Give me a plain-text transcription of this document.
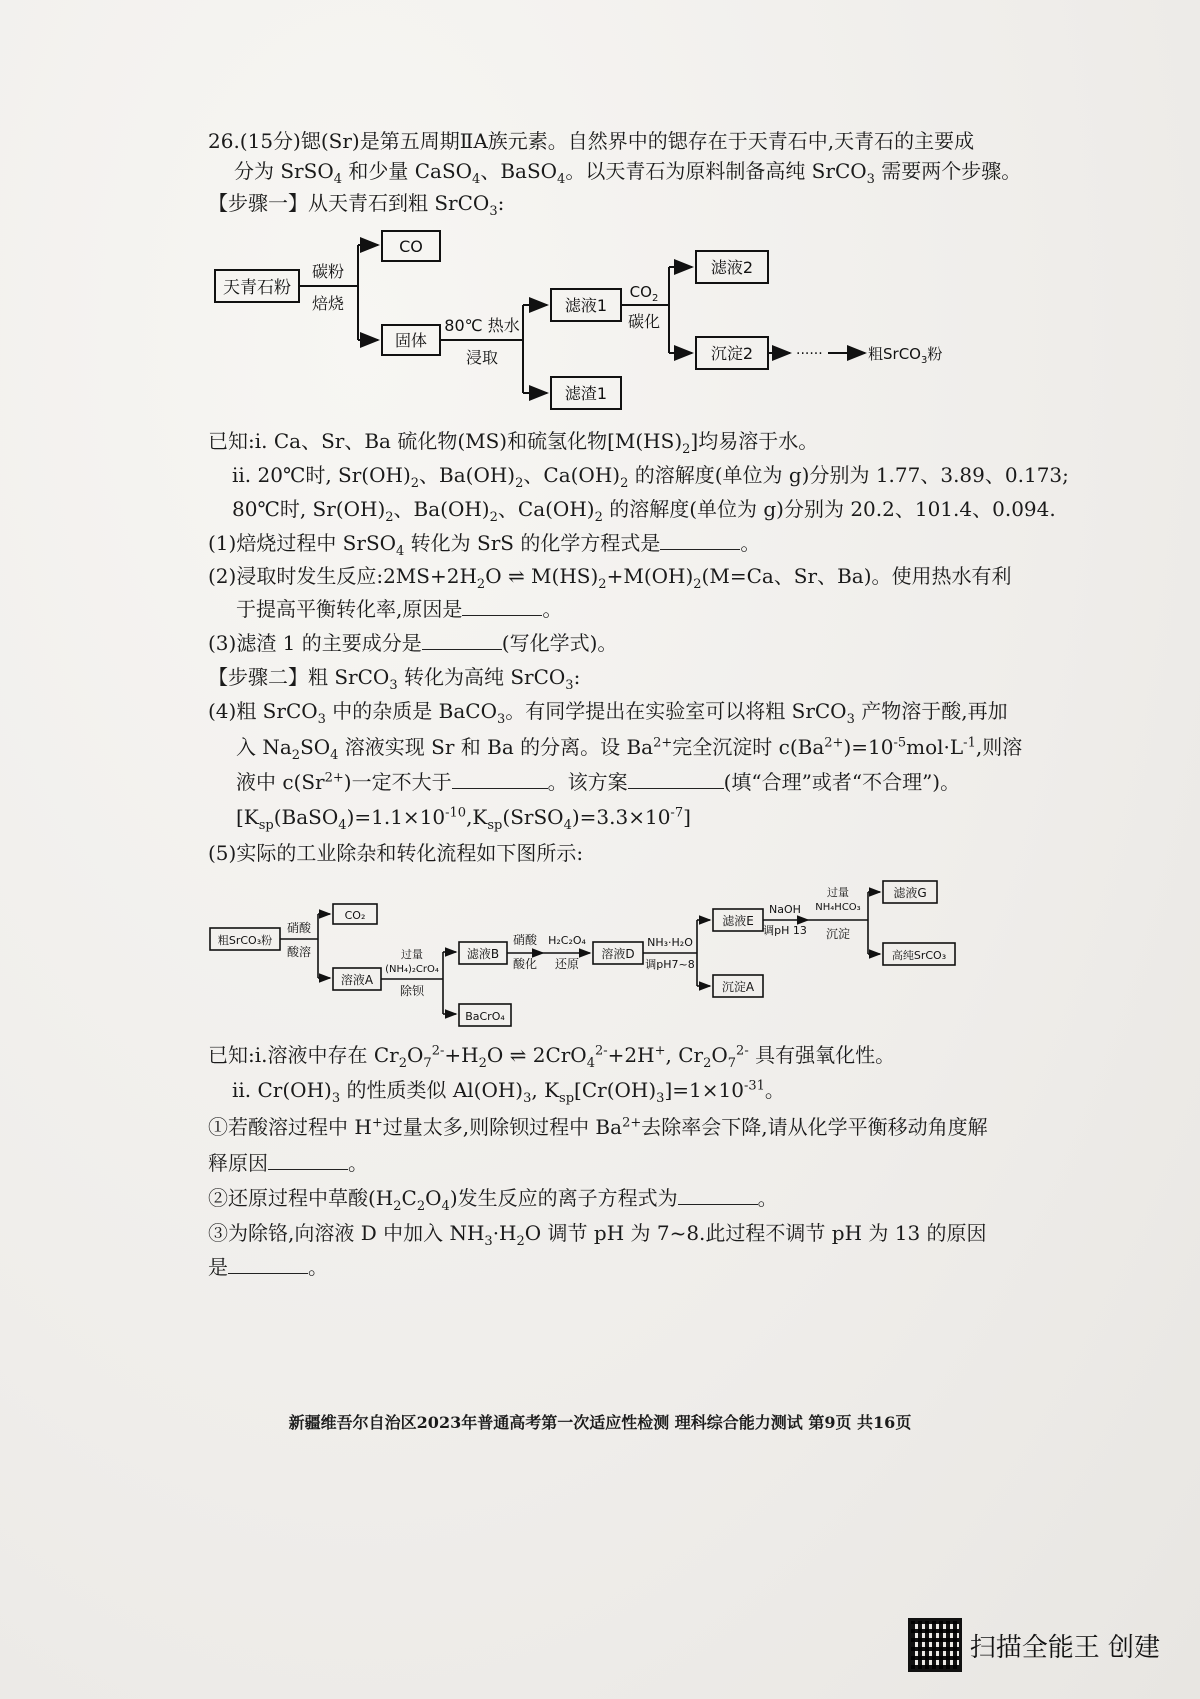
26.(15分)锶(Sr)是第五周期ⅡA族元素。自然界中的锶存在于天青石中,天青石的主要成
分为 SrSO$_4$ 和少量 CaSO$_4$、BaSO$_4$。以天青石为原料制备高纯 SrCO$_3$ 需要两个步骤。
【步骤一】从天青石到粗 SrCO$_3$:
天青石粉
碳粉
焙烧
CO
固体
80℃ 热水
浸取
滤液1
滤渣1
$CO_2$
碳化
滤液2
沉淀2	······	粗SrCO$_3$粉
已知:ⅰ. Ca、Sr、Ba 硫化物(MS)和硫氢化物$[M(HS)_2]$均易溶于水。
ⅱ. 20℃时, $Sr(OH)_2$、$Ba(OH)_2$、$Ca(OH)_2$ 的溶解度(单位为 g)分别为 1.77、3.89、0.173;
80℃时, $Sr(OH)_2$、$Ba(OH)_2$、$Ca(OH)_2$ 的溶解度(单位为 g)分别为 20.2、101.4、0.094.
(1)焙烧过程中 SrSO$_4$ 转化为 SrS 的化学方程式是	。
(2)浸取时发生反应$:2MS+2H_2O$ ⇌ $M(HS)_2+M(OH)_2(M=Ca$、Sr、Ba)。使用热水有利
于提高平衡转化率,原因是	。
(3)滤渣 1 的主要成分是	(写化学式)。
【步骤二】粗 SrCO$_3$ 转化为高纯 SrCO$_3$:
(4)粗 SrCO$_3$ 中的杂质是 BaCO$_3$。有同学提出在实验室可以将粗 SrCO$_3$ 产物溶于酸,再加
入 $Na_2SO_4$ 溶液实现 Sr 和 Ba 的分离。设 $Ba^{2+}$完全沉淀时 $c(Ba^{2+})=10^{-5}mol\cdot L^{-1}$,则溶
液中 $c(Sr^{2+})$一定不大于	。该方案	(填“合理”或者“不合理”)。
$[K_{sp}(BaSO_4)=1.1\times 10^{-10},K_{sp}(SrSO_4)=3.3\times 10^{-7}]$
(5)实际的工业除杂和转化流程如下图所示:
粗SrCO₃粉
硝酸
酸溶
CO₂
溶液A
过量
(NH₄)₂CrO₄
除钡
滤液B
BaCrO₄
硝酸
酸化
H₂C₂O₄
还原
溶液D
NH₃·H₂O
调pH7~8
滤液E
沉淀A
NaOH
调pH 13
过量
NH₄HCO₃
沉淀
滤液G
高纯SrCO₃
已知:ⅰ.溶液中存在 $Cr_2O_7^{2-}+H_2O$ ⇌ 2CrO$_4^{2-}$+2H+, $Cr_2O_7^{2-}$ 具有强氧化性。
ⅱ. $Cr(OH)_3$ 的性质类似 $Al(OH)_3$, $K_{sp}[Cr(OH)_3]=1\times 10^{-31}$。
①若酸溶过程中 H+过量太多,则除钡过程中 $Ba^{2+}$去除率会下降,请从化学平衡移动角度解
释原因	。
②还原过程中草酸$(H_2C_2O_4)$发生反应的离子方程式为	。
③为除铬,向溶液 D 中加入 $NH_3\cdot H_2O$ 调节 pH 为 7~8.此过程不调节 pH 为 13 的原因
是	。
新疆维吾尔自治区2023年普通高考第一次适应性检测 理科综合能力测试 第9页 共16页
扫描全能王 创建
